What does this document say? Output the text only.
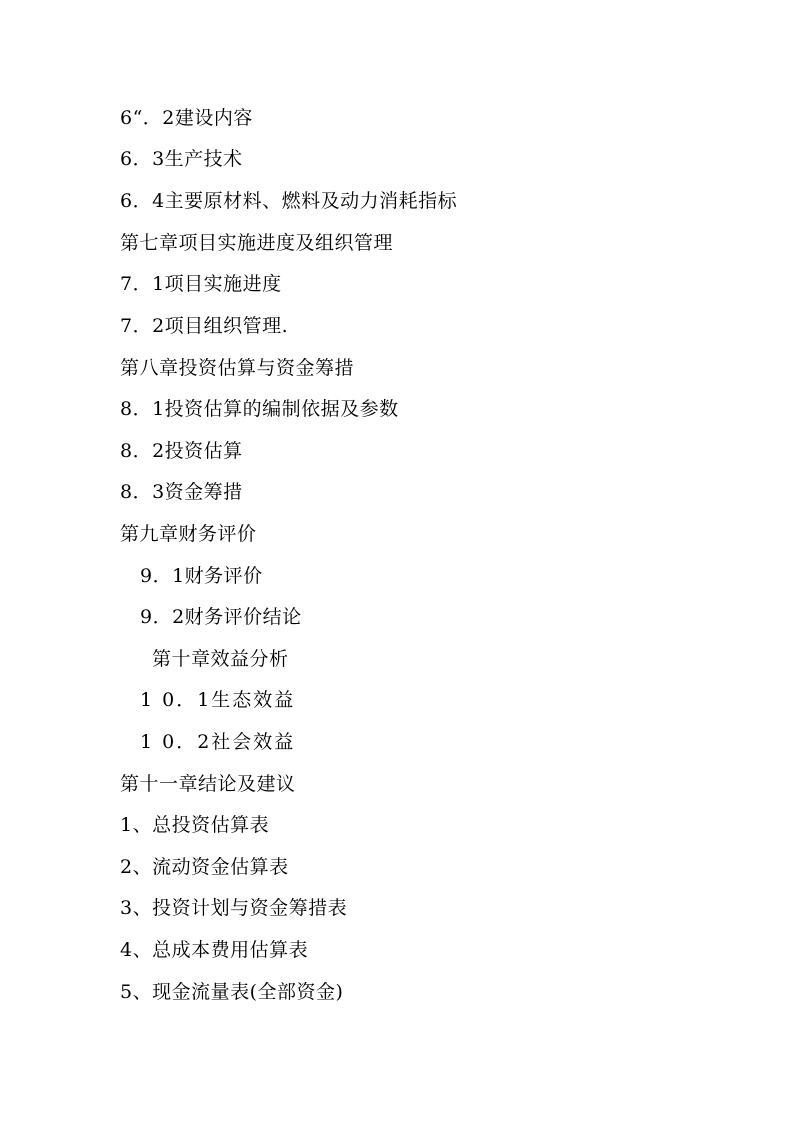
6“．2建设内容
6．3生产技术
6．4主要原材料、燃料及动力消耗指标
第七章项目实施进度及组织管理
7．1项目实施进度
7．2项目组织管理.
第八章投资估算与资金筹措
8．1投资估算的编制依据及参数
8．2投资估算
8．3资金筹措
第九章财务评价
9．1财务评价
9．2财务评价结论
第十章效益分析
1 0．1生态效益
1 0．2社会效益
第十一章结论及建议
1、总投资估算表
2、流动资金估算表
3、投资计划与资金筹措表
4、总成本费用估算表
5、现金流量表(全部资金)
